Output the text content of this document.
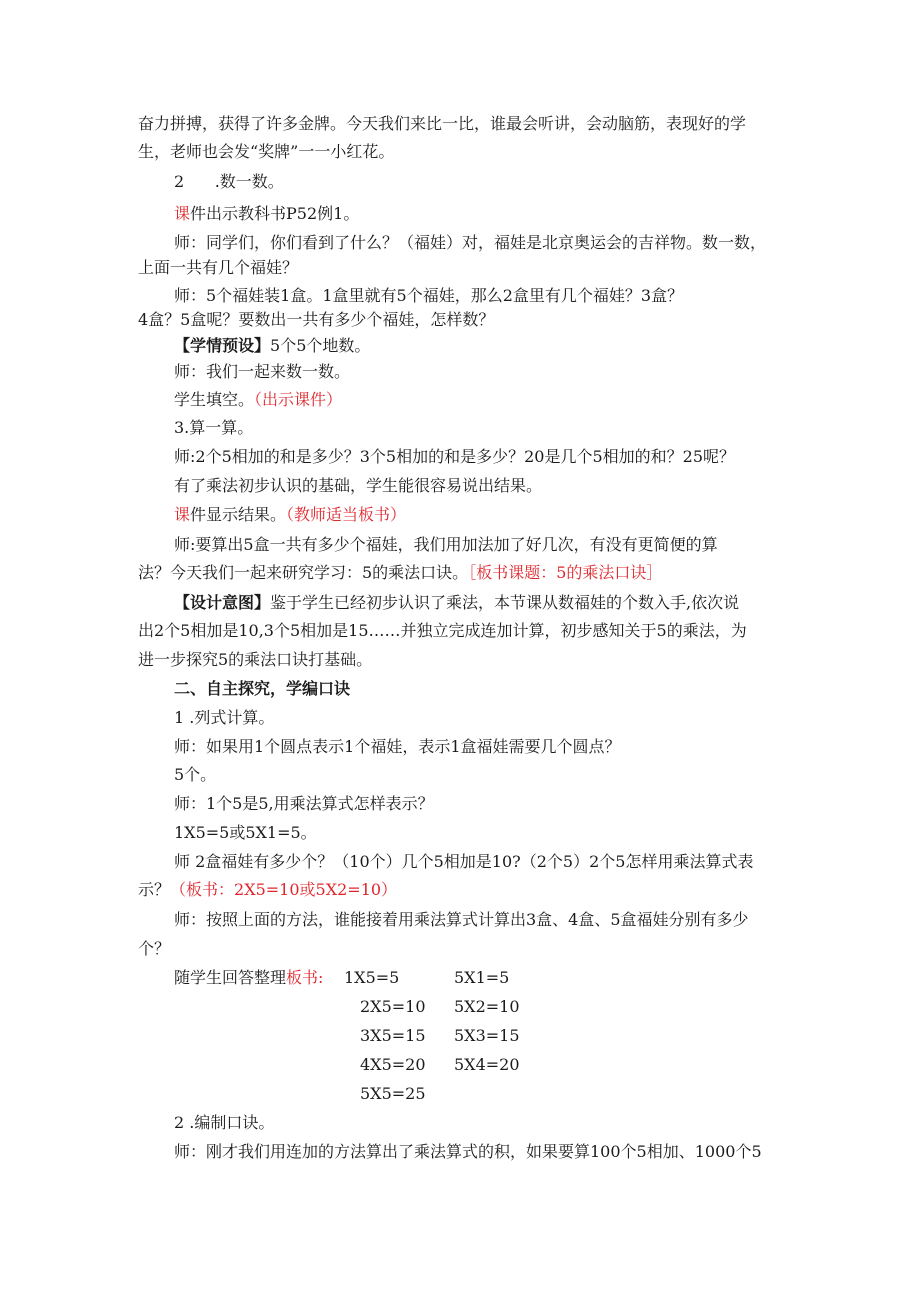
奋力拼搏，获得了许多金牌。今天我们来比一比，谁最会听讲，会动脑筋，表现好的学
生，老师也会发“奖牌”一一小红花。
2      .数一数。
课件出示教科书P52例1。
师：同学们，你们看到了什么？（福娃）对，福娃是北京奥运会的吉祥物。数一数，
上面一共有几个福娃？
师：5个福娃装1盒。1盒里就有5个福娃，那么2盒里有几个福娃？3盒？
4盒？5盒呢？要数出一共有多少个福娃，怎样数？
【学情预设】5个5个地数。
师：我们一起来数一数。
学生填空。（出示课件）
3.算一算。
师:2个5相加的和是多少？3个5相加的和是多少？20是几个5相加的和？25呢？
有了乘法初步认识的基础，学生能很容易说出结果。
课件显示结果。（教师适当板书）
师:要算出5盒一共有多少个福娃，我们用加法加了好几次，有没有更简便的算
法？今天我们一起来研究学习：5的乘法口诀。［板书课题：5的乘法口诀］
【设计意图】鉴于学生已经初步认识了乘法，本节课从数福娃的个数入手,依次说
出2个5相加是10,3个5相加是15……并独立完成连加计算，初步感知关于5的乘法，为
进一步探究5的乘法口诀打基础。
二、自主探究，学编口诀
1 .列式计算。
师：如果用1个圆点表示1个福娃，表示1盒福娃需要几个圆点？
5个。
师：1个5是5,用乘法算式怎样表示？
1X5=5或5X1=5。
师 2盒福娃有多少个？（10个）几个5相加是10?（2个5）2个5怎样用乘法算式表
示？（板书：2X5=10或5X2=10）
师：按照上面的方法，谁能接着用乘法算式计算出3盒、4盒、5盒福娃分别有多少
个？
随学生回答整理板书: 1X5=5
2X5=10
3X5=15
4X5=20
5X5=25
5X1=5
5X2=10
5X3=15
5X4=20
2 .编制口诀。
师：刚才我们用连加的方法算出了乘法算式的积，如果要算100个5相加、1000个5
